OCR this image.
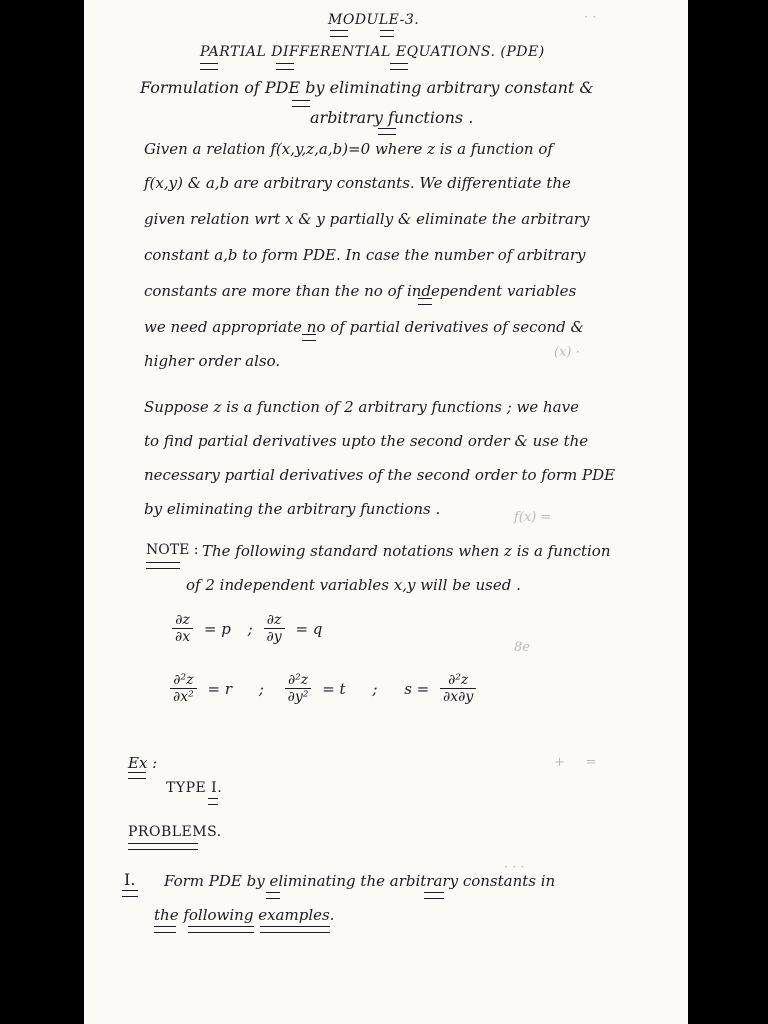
· ·
(x) ·
f(x) =
8e
+     =
· · ·
MODULE-3.
PARTIAL DIFFERENTIAL EQUATIONS. (PDE)
Formulation of PDE by eliminating arbitrary constant &
arbitrary functions .
Given a relation f(x,y,z,a,b)=0 where z is a function of
f(x,y) & a,b are arbitrary constants. We differentiate the
given relation wrt x & y partially & eliminate the arbitrary
constant a,b to form PDE. In case the number of arbitrary
constants are more than the no of independent variables
we need appropriate no of partial derivatives of second &
higher order also.
Suppose z is a function of 2 arbitrary functions ; we have
to find partial derivatives upto the second order & use the
necessary partial derivatives of the second order to form PDE
by eliminating the arbitrary functions .
NOTE : The following standard notations when z is a function
of 2 independent variables x,y will be used .
$\frac{\partial z}{\partial x} = p$ ; $\frac{\partial z}{\partial y} = q$
$\frac{\text{∂²z}}{\text{∂x²}} = r$ ; $\frac{\text{∂²z}}{\text{∂y²}} = t$ ; $s = \frac{\text{∂²z}}{\partial x\partial y}$
Ex :
TYPE I.
PROBLEMS.
I. Form PDE by eliminating the arbitrary constants in
the following examples.
